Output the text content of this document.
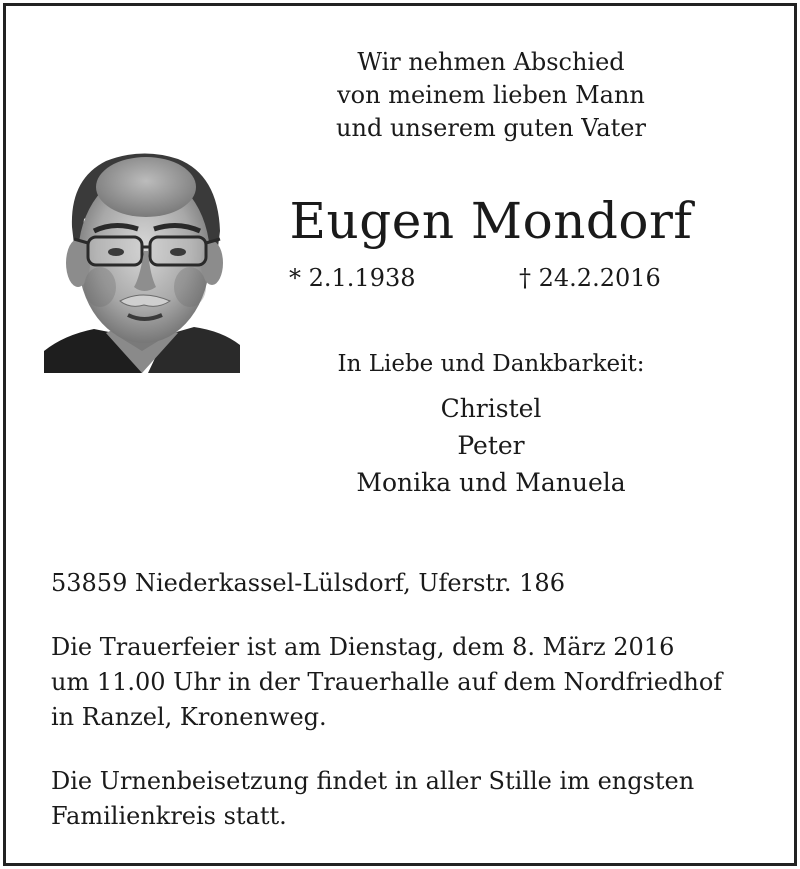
Wir nehmen Abschied
von meinem lieben Mann
und unserem guten Vater
Eugen Mondorf
* 2.1.1938	† 24.2.2016
In Liebe und Dankbarkeit:
Christel
Peter
Monika und Manuela
53859 Niederkassel-Lülsdorf, Uferstr. 186
Die Trauerfeier ist am Dienstag, dem 8. März 2016
um 11.00 Uhr in der Trauerhalle auf dem Nordfriedhof
in Ranzel, Kronenweg.
Die Urnenbeisetzung findet in aller Stille im engsten
Familienkreis statt.
